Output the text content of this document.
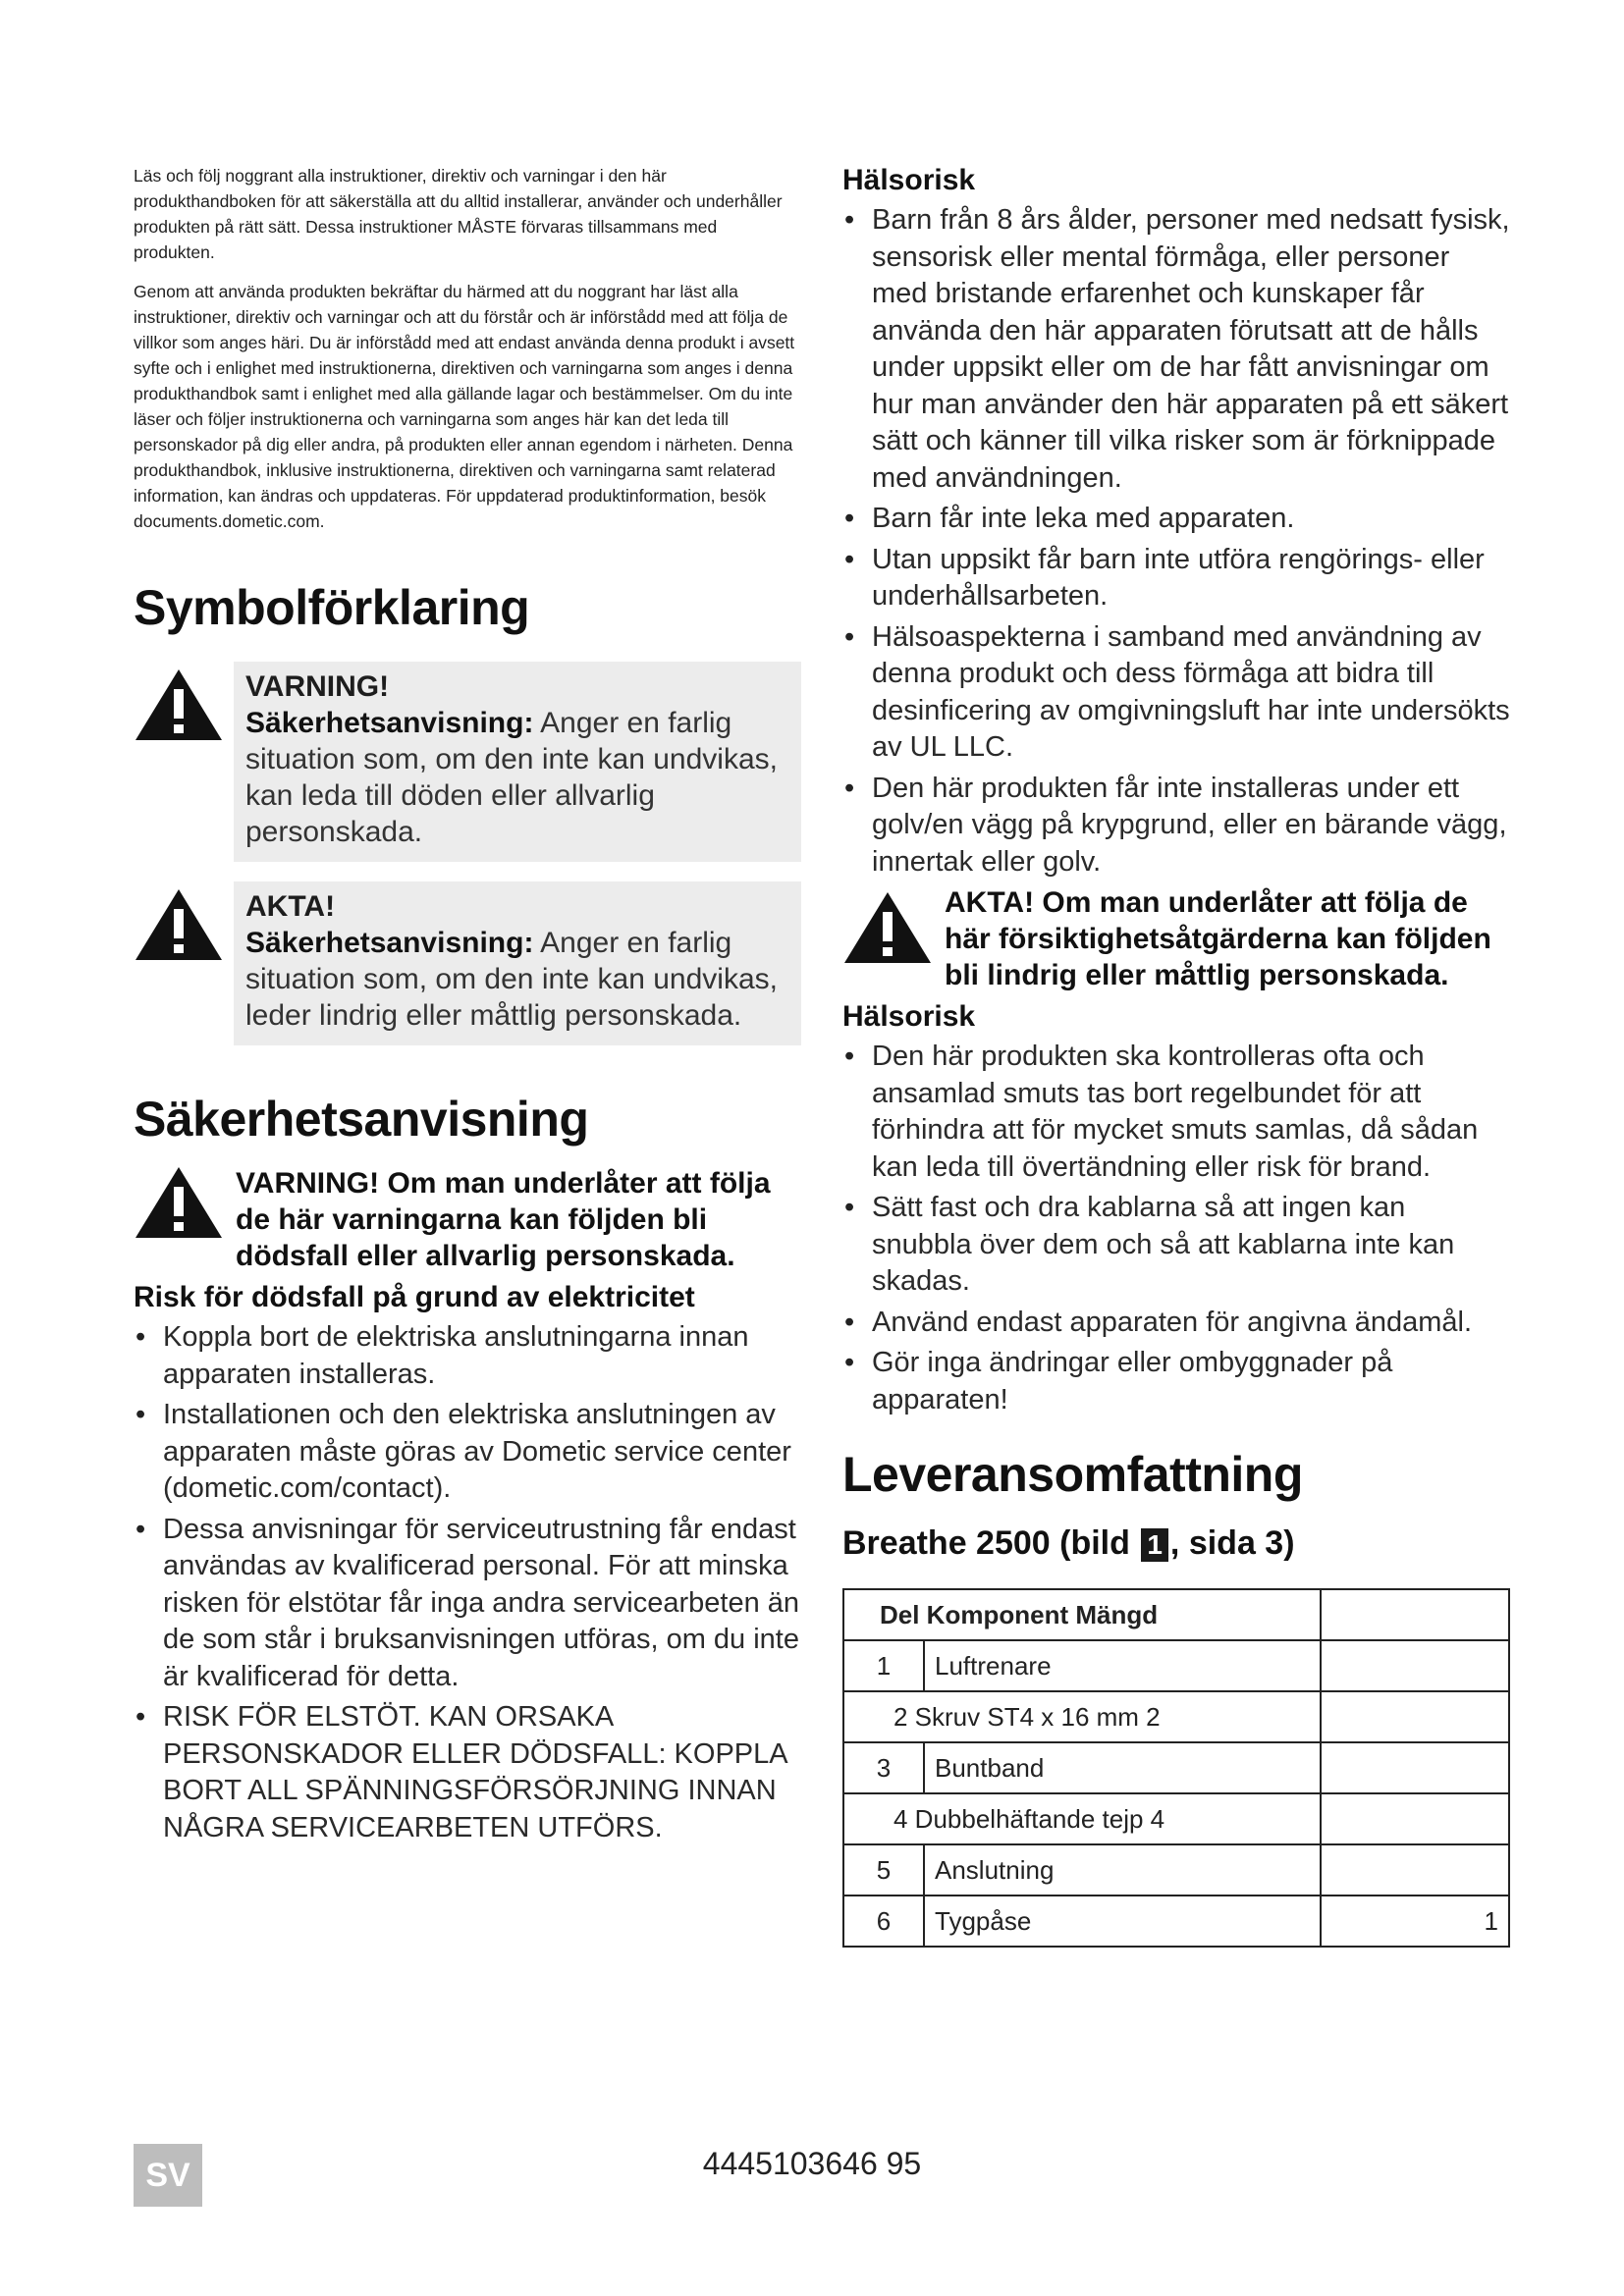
Läs och följ noggrant alla instruktioner, direktiv och varningar i den här produkthandboken för att säkerställa att du alltid installerar, använder och underhåller produkten på rätt sätt. Dessa instruktioner MÅSTE förvaras tillsammans med produkten.

Genom att använda produkten bekräftar du härmed att du noggrant har läst alla instruktioner, direktiv och varningar och att du förstår och är införstådd med att följa de villkor som anges häri. Du är införstådd med att endast använda denna produkt i avsett syfte och i enlighet med instruktionerna, direktiven och varningarna som anges i denna produkthandbok samt i enlighet med alla gällande lagar och bestämmelser. Om du inte läser och följer instruktionerna och varningarna som anges här kan det leda till personskador på dig eller andra, på produkten eller annan egendom i närheten. Denna produkthandbok, inklusive instruktionerna, direktiven och varningarna samt relaterad information, kan ändras och uppdateras. För uppdaterad produktinformation, besök documents.dometic.com.

Symbolförklaring
VARNING!
Säkerhetsanvisning: Anger en farlig situation som, om den inte kan undvikas, kan leda till döden eller allvarlig personskada.
AKTA!
Säkerhetsanvisning: Anger en farlig situation som, om den inte kan undvikas, leder lindrig eller måttlig personskada.
Säkerhetsanvisning
VARNING! Om man underlåter att följa de här varningarna kan följden bli dödsfall eller allvarlig personskada.
Risk för dödsfall på grund av elektricitet
• Koppla bort de elektriska anslutningarna innan apparaten installeras.
• Installationen och den elektriska anslutningen av apparaten måste göras av Dometic service center (dometic.com/contact).
• Dessa anvisningar för serviceutrustning får endast användas av kvalificerad personal. För att minska risken för elstötar får inga andra servicearbeten än de som står i bruksanvisningen utföras, om du inte är kvalificerad för detta.
• RISK FÖR ELSTÖT. KAN ORSAKA PERSONSKADOR ELLER DÖDSFALL: KOPPLA BORT ALL SPÄNNINGSFÖRSÖRJNING INNAN NÅGRA SERVICEARBETEN UTFÖRS.
Hälsorisk
• Barn från 8 års ålder, personer med nedsatt fysisk, sensorisk eller mental förmåga, eller personer med bristande erfarenhet och kunskaper får använda den här apparaten förutsatt att de hålls under uppsikt eller om de har fått anvisningar om hur man använder den här apparaten på ett säkert sätt och känner till vilka risker som är förknippade med användningen.
• Barn får inte leka med apparaten.
• Utan uppsikt får barn inte utföra rengörings- eller underhållsarbeten.
• Hälsoaspekterna i samband med användning av denna produkt och dess förmåga att bidra till desinficering av omgivningsluft har inte undersökts av UL LLC.
• Den här produkten får inte installeras under ett golv/en vägg på krypgrund, eller en bärande vägg, innertak eller golv.
AKTA! Om man underlåter att följa de här försiktighetsåtgärderna kan följden bli lindrig eller måttlig personskada.
Hälsorisk
• Den här produkten ska kontrolleras ofta och ansamlad smuts tas bort regelbundet för att förhindra att för mycket smuts samlas, då sådan kan leda till övertändning eller risk för brand.
• Sätt fast och dra kablarna så att ingen kan snubbla över dem och så att kablarna inte kan skadas.
• Använd endast apparaten för angivna ändamål.
• Gör inga ändringar eller ombyggnader på apparaten!
Leveransomfattning
Breathe 2500 (bild 1 , sida 3)
Del Komponent Mängd		
1	Luftrenare	
2 Skruv ST4 x 16 mm 2		
3	Buntband	
4 Dubbelhäftande tejp 4		
5	Anslutning	
6	Tygpåse	1
SV	4445103646 95
